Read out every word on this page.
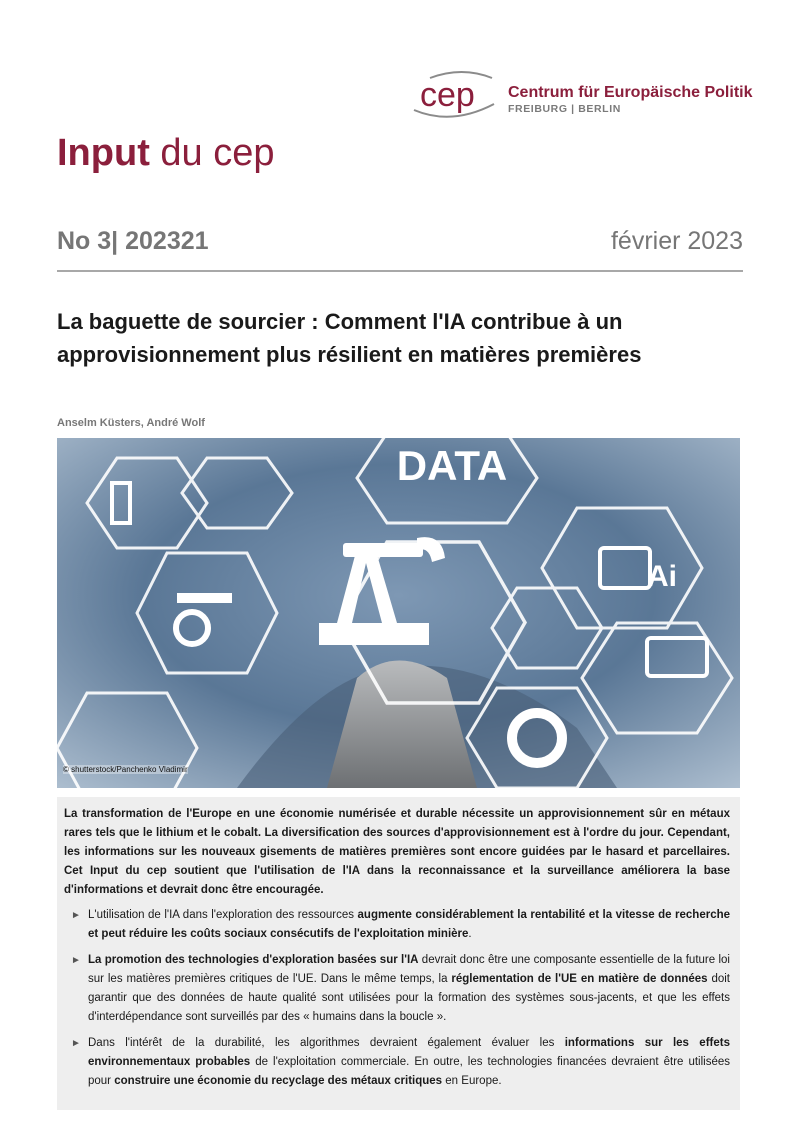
cep Centrum für Europäische Politik
FREIBURG | BERLIN
Input du cep
No 3| 202321	février 2023
La baguette de sourcier : Comment l'IA contribue à un approvisionnement plus résilient en matières premières
Anselm Küsters, André Wolf
DATA
Ai
© shutterstock/Panchenko Vladimir

La transformation de l'Europe en une économie numérisée et durable nécessite un approvisionnement sûr en métaux rares tels que le lithium et le cobalt. La diversification des sources d'approvisionnement est à l'ordre du jour. Cependant, les informations sur les nouveaux gisements de matières premières sont encore guidées par le hasard et parcellaires. Cet Input du cep soutient que l'utilisation de l'IA dans la reconnaissance et la surveillance améliorera la base d'informations et devrait donc être encouragée.

► L'utilisation de l'IA dans l'exploration des ressources augmente considérablement la rentabilité et la vitesse de recherche et peut réduire les coûts sociaux consécutifs de l'exploitation minière.
► La promotion des technologies d'exploration basées sur l'IA devrait donc être une composante essentielle de la future loi sur les matières premières critiques de l'UE. Dans le même temps, la réglementation de l'UE en matière de données doit garantir que des données de haute qualité sont utilisées pour la formation des systèmes sous-jacents, et que les effets d'interdépendance sont surveillés par des « humains dans la boucle ».
► Dans l'intérêt de la durabilité, les algorithmes devraient également évaluer les informations sur les effets environnementaux probables de l'exploitation commerciale. En outre, les technologies financées devraient être utilisées pour construire une économie du recyclage des métaux critiques en Europe.
